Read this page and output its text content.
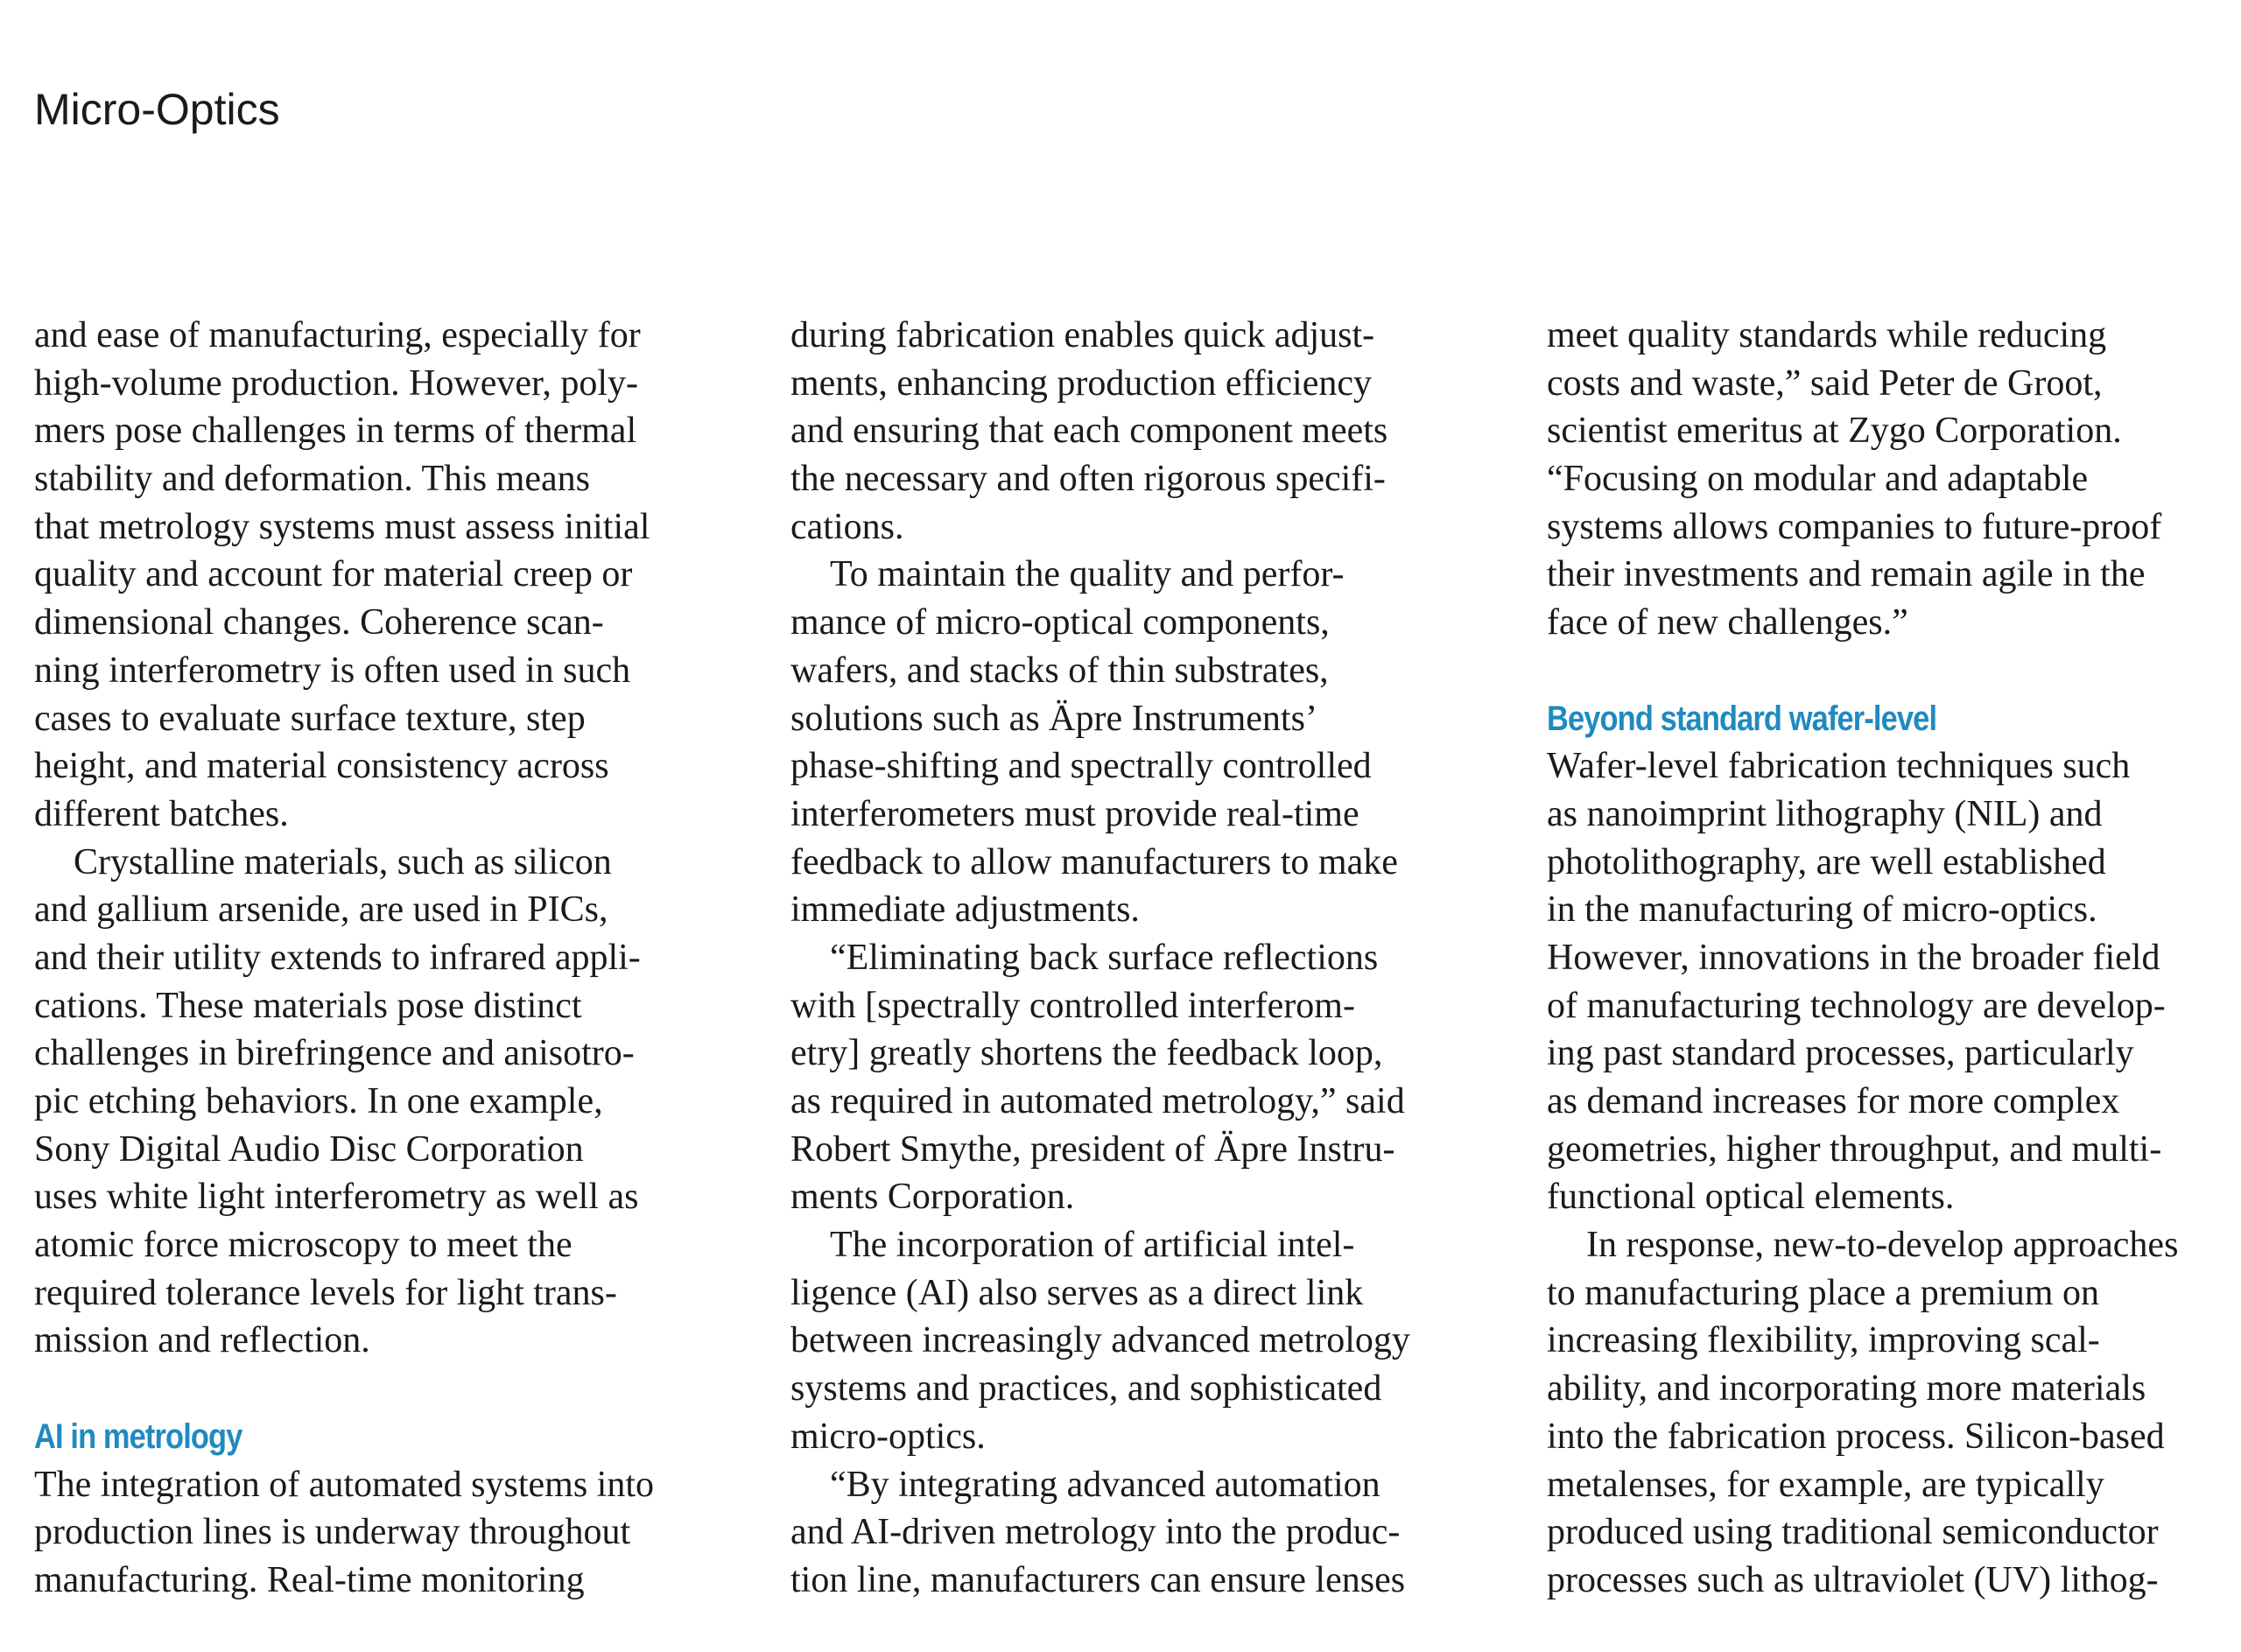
Micro-Optics
and ease of manufacturing, especially for
high-volume production. However, poly-
mers pose challenges in terms of thermal
stability and deformation. This means
that metrology systems must assess initial
quality and account for material creep or
dimensional changes. Coherence scan-
ning interferometry is often used in such
cases to evaluate surface texture, step
height, and material consistency across
different batches.
Crystalline materials, such as silicon
and gallium arsenide, are used in PICs,
and their utility extends to infrared appli-
cations. These materials pose distinct
challenges in birefringence and anisotro-
pic etching behaviors. In one example,
Sony Digital Audio Disc Corporation
uses white light interferometry as well as
atomic force microscopy to meet the
required tolerance levels for light trans-
mission and reflection.
AI in metrology
The integration of automated systems into
production lines is underway throughout
manufacturing. Real-time monitoring
during fabrication enables quick adjust-
ments, enhancing production efficiency
and ensuring that each component meets
the necessary and often rigorous specifi-
cations.
To maintain the quality and perfor-
mance of micro-optical components,
wafers, and stacks of thin substrates,
solutions such as Äpre Instruments’
phase-shifting and spectrally controlled
interferometers must provide real-time
feedback to allow manufacturers to make
immediate adjustments.
“Eliminating back surface reflections
with [spectrally controlled interferom-
etry] greatly shortens the feedback loop,
as required in automated metrology,” said
Robert Smythe, president of Äpre Instru-
ments Corporation.
The incorporation of artificial intel-
ligence (AI) also serves as a direct link
between increasingly advanced metrology
systems and practices, and sophisticated
micro-optics.
“By integrating advanced automation
and AI-driven metrology into the produc-
tion line, manufacturers can ensure lenses
meet quality standards while reducing
costs and waste,” said Peter de Groot,
scientist emeritus at Zygo Corporation.
“Focusing on modular and adaptable
systems allows companies to future-proof
their investments and remain agile in the
face of new challenges.”
Beyond standard wafer-level
Wafer-level fabrication techniques such
as nanoimprint lithography (NIL) and
photolithography, are well established
in the manufacturing of micro-optics.
However, innovations in the broader field
of manufacturing technology are develop-
ing past standard processes, particularly
as demand increases for more complex
geometries, higher throughput, and multi-
functional optical elements.
In response, new-to-develop approaches
to manufacturing place a premium on
increasing flexibility, improving scal-
ability, and incorporating more materials
into the fabrication process. Silicon-based
metalenses, for example, are typically
produced using traditional semiconductor
processes such as ultraviolet (UV) lithog-
